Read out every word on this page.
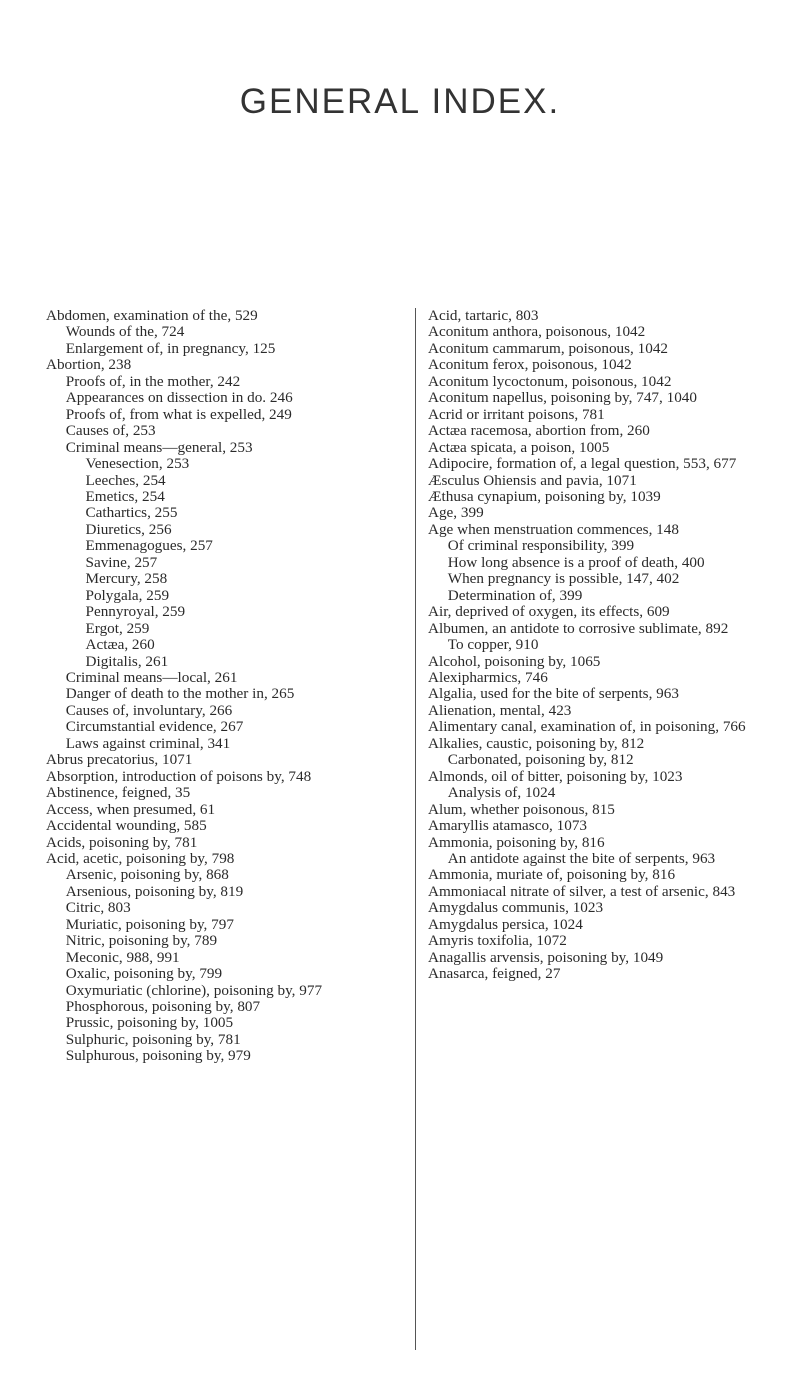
GENERAL INDEX.
Abdomen, examination of the, 529
Wounds of the, 724
Enlargement of, in pregnancy, 125
Abortion, 238
Proofs of, in the mother, 242
Appearances on dissection in do. 246
Proofs of, from what is expelled, 249
Causes of, 253
Criminal means—general, 253
Venesection, 253
Leeches, 254
Emetics, 254
Cathartics, 255
Diuretics, 256
Emmenagogues, 257
Savine, 257
Mercury, 258
Polygala, 259
Pennyroyal, 259
Ergot, 259
Actæa, 260
Digitalis, 261
Criminal means—local, 261
Danger of death to the mother in, 265
Causes of, involuntary, 266
Circumstantial evidence, 267
Laws against criminal, 341
Abrus precatorius, 1071
Absorption, introduction of poisons by, 748
Abstinence, feigned, 35
Access, when presumed, 61
Accidental wounding, 585
Acids, poisoning by, 781
Acid, acetic, poisoning by, 798
Arsenic, poisoning by, 868
Arsenious, poisoning by, 819
Citric, 803
Muriatic, poisoning by, 797
Nitric, poisoning by, 789
Meconic, 988, 991
Oxalic, poisoning by, 799
Oxymuriatic (chlorine), poisoning by, 977
Phosphorous, poisoning by, 807
Prussic, poisoning by, 1005
Sulphuric, poisoning by, 781
Sulphurous, poisoning by, 979
Acid, tartaric, 803
Aconitum anthora, poisonous, 1042
Aconitum cammarum, poisonous, 1042
Aconitum ferox, poisonous, 1042
Aconitum lycoctonum, poisonous, 1042
Aconitum napellus, poisoning by, 747, 1040
Acrid or irritant poisons, 781
Actæa racemosa, abortion from, 260
Actæa spicata, a poison, 1005
Adipocire, formation of, a legal question, 553, 677
Æsculus Ohiensis and pavia, 1071
Æthusa cynapium, poisoning by, 1039
Age, 399
Age when menstruation commences, 148
Of criminal responsibility, 399
How long absence is a proof of death, 400
When pregnancy is possible, 147, 402
Determination of, 399
Air, deprived of oxygen, its effects, 609
Albumen, an antidote to corrosive sublimate, 892
To copper, 910
Alcohol, poisoning by, 1065
Alexipharmics, 746
Algalia, used for the bite of serpents, 963
Alienation, mental, 423
Alimentary canal, examination of, in poisoning, 766
Alkalies, caustic, poisoning by, 812
Carbonated, poisoning by, 812
Almonds, oil of bitter, poisoning by, 1023
Analysis of, 1024
Alum, whether poisonous, 815
Amaryllis atamasco, 1073
Ammonia, poisoning by, 816
An antidote against the bite of serpents, 963
Ammonia, muriate of, poisoning by, 816
Ammoniacal nitrate of silver, a test of arsenic, 843
Amygdalus communis, 1023
Amygdalus persica, 1024
Amyris toxifolia, 1072
Anagallis arvensis, poisoning by, 1049
Anasarca, feigned, 27
